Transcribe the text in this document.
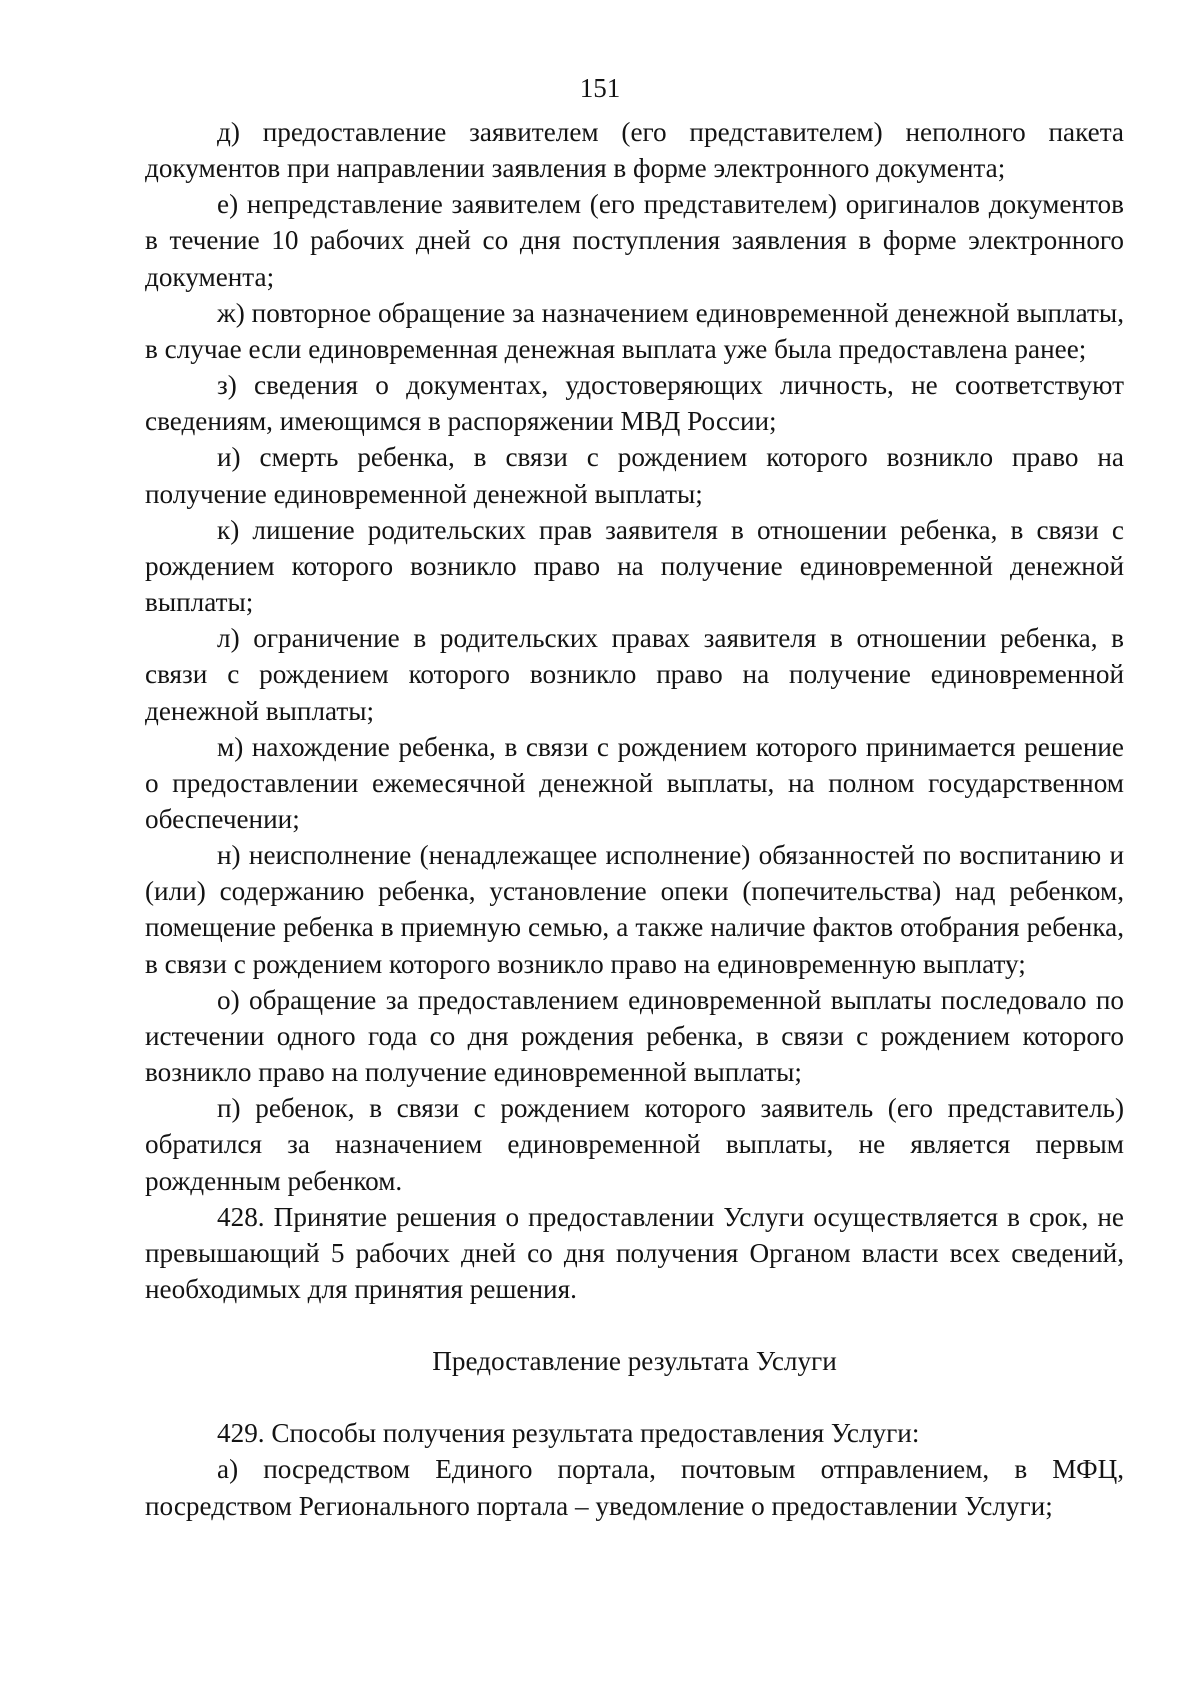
151

д) предоставление заявителем (его представителем) неполного пакета документов при направлении заявления в форме электронного документа;

е) непредставление заявителем (его представителем) оригиналов документов в течение 10 рабочих дней со дня поступления заявления в форме электронного документа;

ж) повторное обращение за назначением единовременной денежной выплаты, в случае если единовременная денежная выплата уже была предоставлена ранее;

з) сведения о документах, удостоверяющих личность, не соответствуют сведениям, имеющимся в распоряжении МВД России;

и) смерть ребенка, в связи с рождением которого возникло право на получение единовременной денежной выплаты;

к) лишение родительских прав заявителя в отношении ребенка, в связи с рождением которого возникло право на получение единовременной денежной выплаты;

л) ограничение в родительских правах заявителя в отношении ребенка, в связи с рождением которого возникло право на получение единовременной денежной выплаты;

м) нахождение ребенка, в связи с рождением которого принимается решение о предоставлении ежемесячной денежной выплаты, на полном государственном обеспечении;

н) неисполнение (ненадлежащее исполнение) обязанностей по воспитанию и (или) содержанию ребенка, установление опеки (попечительства) над ребенком, помещение ребенка в приемную семью, а также наличие фактов отобрания ребенка, в связи с рождением которого возникло право на единовременную выплату;

о) обращение за предоставлением единовременной выплаты последовало по истечении одного года со дня рождения ребенка, в связи с рождением которого возникло право на получение единовременной выплаты;

п) ребенок, в связи с рождением которого заявитель (его представитель) обратился за назначением единовременной выплаты, не является первым рожденным ребенком.

428. Принятие решения о предоставлении Услуги осуществляется в срок, не превышающий 5 рабочих дней со дня получения Органом власти всех сведений, необходимых для принятия решения.

Предоставление результата Услуги

429. Способы получения результата предоставления Услуги:

а) посредством Единого портала, почтовым отправлением, в МФЦ, посредством Регионального портала – уведомление о предоставлении Услуги;
